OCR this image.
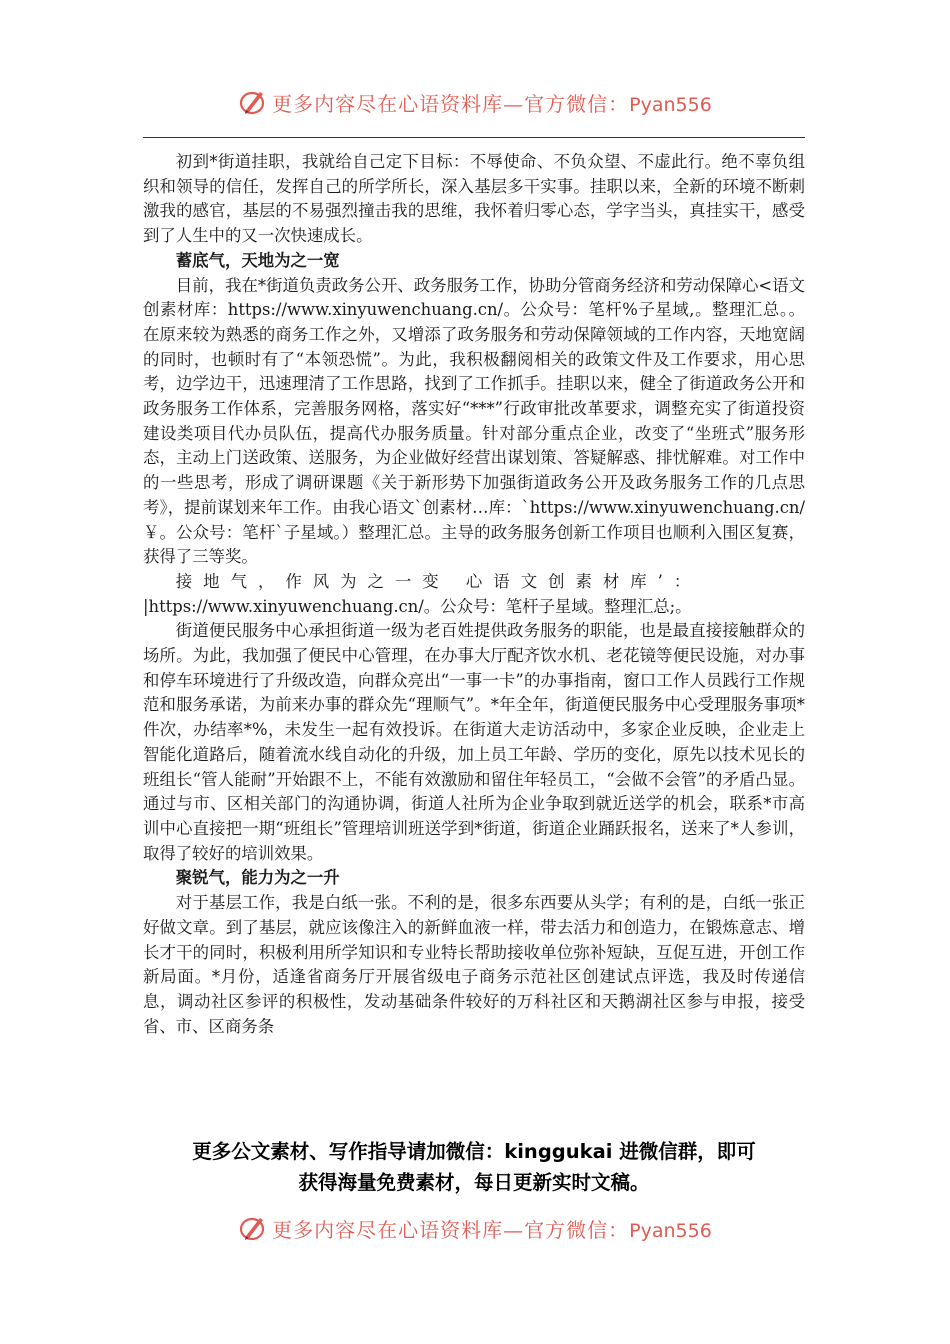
更多内容尽在心语资料库—官方微信：Pyan556

初到*街道挂职，我就给自己定下目标：不辱使命、不负众望、不虚此行。绝不辜负组织和领导的信任，发挥自己的所学所长，深入基层多干实事。挂职以来，全新的环境不断刺激我的感官，基层的不易强烈撞击我的思维，我怀着归零心态，学字当头，真挂实干，感受到了人生中的又一次快速成长。

蓄底气，天地为之一宽

目前，我在*街道负责政务公开、政务服务工作，协助分管商务经济和劳动保障心<语文创素材库：https://www.xinyuwenchuang.cn/。公众号：笔杆%子星域,。整理汇总。。在原来较为熟悉的商务工作之外，又增添了政务服务和劳动保障领域的工作内容，天地宽阔的同时，也顿时有了“本领恐慌”。为此，我积极翻阅相关的政策文件及工作要求，用心思考，边学边干，迅速理清了工作思路，找到了工作抓手。挂职以来，健全了街道政务公开和政务服务工作体系，完善服务网格，落实好“***”行政审批改革要求，调整充实了街道投资建设类项目代办员队伍，提高代办服务质量。针对部分重点企业，改变了“坐班式”服务形态，主动上门送政策、送服务，为企业做好经营出谋划策、答疑解惑、排忧解难。对工作中的一些思考，形成了调研课题《关于新形势下加强街道政务公开及政务服务工作的几点思考》，提前谋划来年工作。由我心语文`创素材…库：`https://www.xinyuwenchuang.cn/￥。公众号：笔杆`子星域。）整理汇总。主导的政务服务创新工作项目也顺利入围区复赛，获得了三等奖。

接地气，作风为之一变 心语文创素材库’：

|https://www.xinyuwenchuang.cn/。公众号：笔杆子星域。整理汇总;。

街道便民服务中心承担街道一级为老百姓提供政务服务的职能，也是最直接接触群众的场所。为此，我加强了便民中心管理，在办事大厅配齐饮水机、老花镜等便民设施，对办事和停车环境进行了升级改造，向群众亮出“一事一卡”的办事指南，窗口工作人员践行工作规范和服务承诺，为前来办事的群众先“理顺气”。*年全年，街道便民服务中心受理服务事项*件次，办结率*%，未发生一起有效投诉。在街道大走访活动中，多家企业反映，企业走上智能化道路后，随着流水线自动化的升级，加上员工年龄、学历的变化，原先以技术见长的班组长“管人能耐”开始跟不上，不能有效激励和留住年轻员工，“会做不会管”的矛盾凸显。通过与市、区相关部门的沟通协调，街道人社所为企业争取到就近送学的机会，联系*市高训中心直接把一期“班组长”管理培训班送学到*街道，街道企业踊跃报名，送来了*人参训，取得了较好的培训效果。

聚锐气，能力为之一升

对于基层工作，我是白纸一张。不利的是，很多东西要从头学；有利的是，白纸一张正好做文章。到了基层，就应该像注入的新鲜血液一样，带去活力和创造力，在锻炼意志、增长才干的同时，积极利用所学知识和专业特长帮助接收单位弥补短缺，互促互进，开创工作新局面。*月份，适逢省商务厅开展省级电子商务示范社区创建试点评选，我及时传递信息，调动社区参评的积极性，发动基础条件较好的万科社区和天鹅湖社区参与申报，接受省、市、区商务条

更多公文素材、写作指导请加微信：kinggukai 进微信群，即可
获得海量免费素材，每日更新实时文稿。
更多内容尽在心语资料库—官方微信：Pyan556
